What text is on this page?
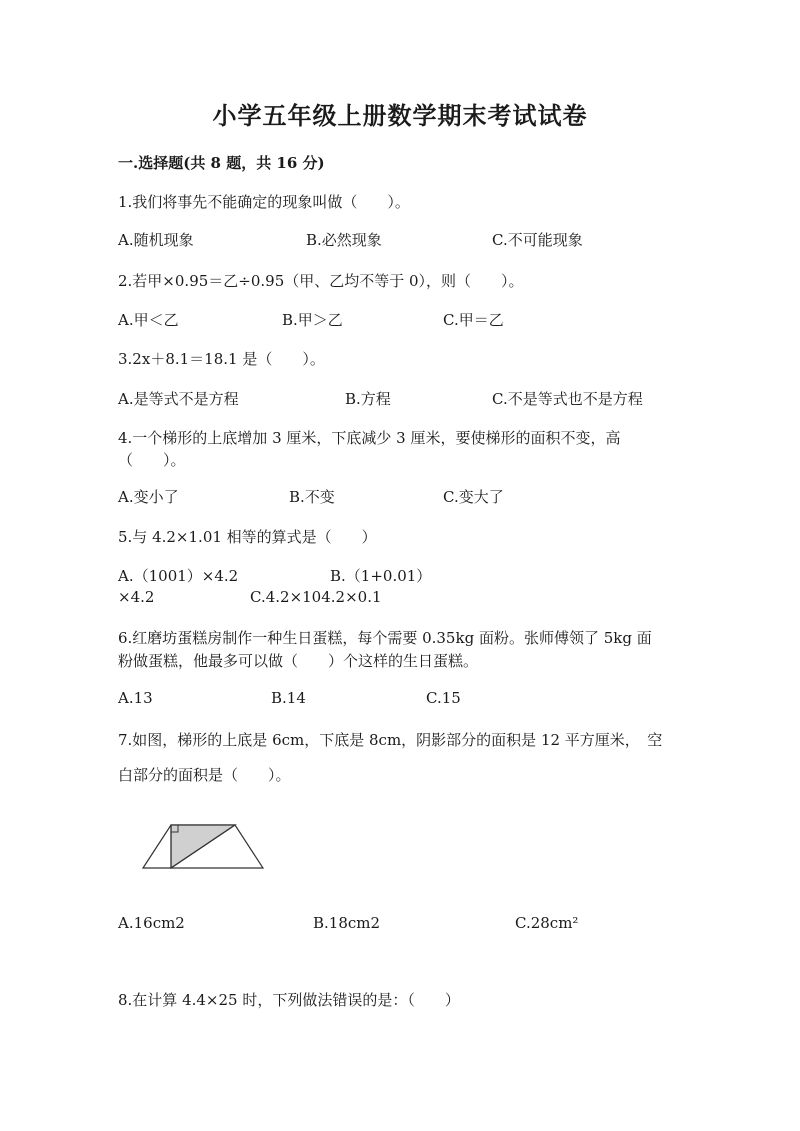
小学五年级上册数学期末考试试卷
一.选择题(共 8 题，共 16 分)
1.我们将事先不能确定的现象叫做（　　）。
A.随机现象	B.必然现象	C.不可能现象
2.若甲×0.95＝乙÷0.95（甲、乙均不等于 0），则（　　）。
A.甲＜乙	B.甲＞乙	C.甲＝乙
3.2x＋8.1＝18.1 是（　　）。
A.是等式不是方程	B.方程	C.不是等式也不是方程
4.一个梯形的上底增加 3 厘米，下底减少 3 厘米，要使梯形的面积不变，高
（　　）。
A.变小了	B.不变	C.变大了
5.与 4.2×1.01 相等的算式是（　　）
A.（1001）×4.2	B.（1+0.01）
×4.2	C.4.2×104.2×0.1
6.红磨坊蛋糕房制作一种生日蛋糕，每个需要 0.35kg 面粉。张师傅领了 5kg 面
粉做蛋糕，他最多可以做（　　）个这样的生日蛋糕。
A.13	B.14	C.15
7.如图，梯形的上底是 6cm，下底是 8cm，阴影部分的面积是 12 平方厘米，　空
白部分的面积是（　　）。
A.16cm2	B.18cm2	C.28cm²
8.在计算 4.4×25 时，下列做法错误的是：（　　）
